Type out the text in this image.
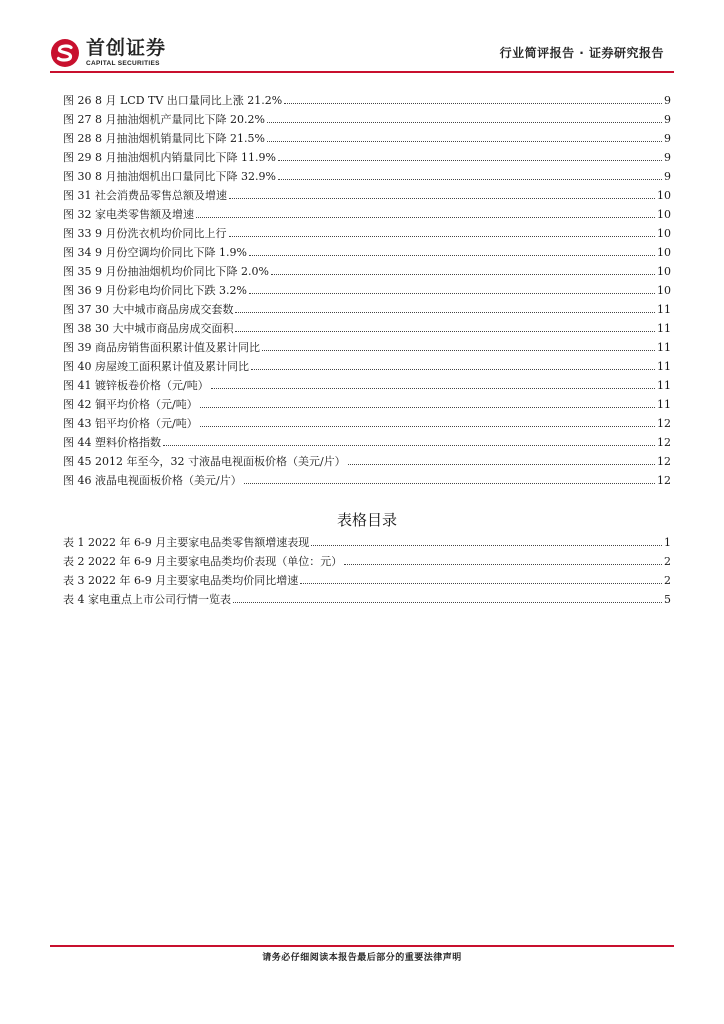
首创证券
CAPITAL SECURITIES
行业简评报告 · 证券研究报告
图 26 8 月 LCD TV 出口量同比上涨 21.2%	9
图 27 8 月抽油烟机产量同比下降 20.2%	9
图 28 8 月抽油烟机销量同比下降 21.5%	9
图 29 8 月抽油烟机内销量同比下降 11.9%	9
图 30 8 月抽油烟机出口量同比下降 32.9%	9
图 31 社会消费品零售总额及增速	10
图 32 家电类零售额及增速	10
图 33 9 月份洗衣机均价同比上行	10
图 34 9 月份空调均价同比下降 1.9%	10
图 35 9 月份抽油烟机均价同比下降 2.0%	10
图 36 9 月份彩电均价同比下跌 3.2%	10
图 37 30 大中城市商品房成交套数	11
图 38 30 大中城市商品房成交面积	11
图 39 商品房销售面积累计值及累计同比	11
图 40 房屋竣工面积累计值及累计同比	11
图 41 镀锌板卷价格（元/吨）	11
图 42 铜平均价格（元/吨）	11
图 43 铝平均价格（元/吨）	12
图 44 塑料价格指数	12
图 45 2012 年至今，32 寸液晶电视面板价格（美元/片）	12
图 46 液晶电视面板价格（美元/片）	12
表格目录
表 1 2022 年 6-9 月主要家电品类零售额增速表现	1
表 2 2022 年 6-9 月主要家电品类均价表现（单位：元）	2
表 3 2022 年 6-9 月主要家电品类均价同比增速	2
表 4 家电重点上市公司行情一览表	5
请务必仔细阅读本报告最后部分的重要法律声明
